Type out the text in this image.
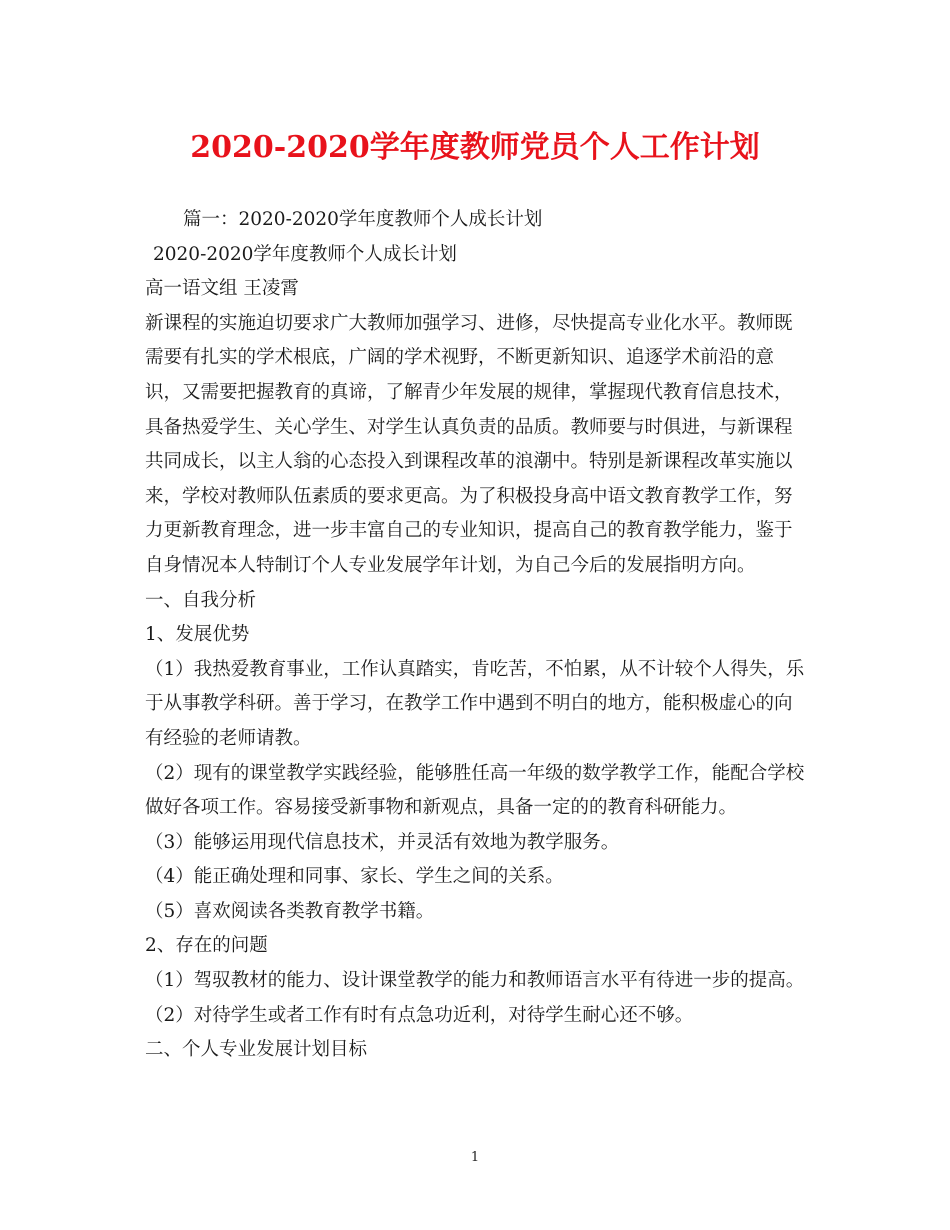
2020-2020学年度教师党员个人工作计划
篇一：2020-2020学年度教师个人成长计划
2020-2020学年度教师个人成长计划
高一语文组 王凌霄
新课程的实施迫切要求广大教师加强学习、进修，尽快提高专业化水平。教师既
需要有扎实的学术根底，广阔的学术视野，不断更新知识、追逐学术前沿的意
识，又需要把握教育的真谛，了解青少年发展的规律，掌握现代教育信息技术，
具备热爱学生、关心学生、对学生认真负责的品质。教师要与时俱进，与新课程
共同成长，以主人翁的心态投入到课程改革的浪潮中。特别是新课程改革实施以
来，学校对教师队伍素质的要求更高。为了积极投身高中语文教育教学工作，努
力更新教育理念，进一步丰富自己的专业知识，提高自己的教育教学能力，鉴于
自身情况本人特制订个人专业发展学年计划，为自己今后的发展指明方向。
一、自我分析
1、发展优势
（1）我热爱教育事业，工作认真踏实，肯吃苦，不怕累，从不计较个人得失，乐
于从事教学科研。善于学习，在教学工作中遇到不明白的地方，能积极虚心的向
有经验的老师请教。
（2）现有的课堂教学实践经验，能够胜任高一年级的数学教学工作，能配合学校
做好各项工作。容易接受新事物和新观点，具备一定的的教育科研能力。
（3）能够运用现代信息技术，并灵活有效地为教学服务。
（4）能正确处理和同事、家长、学生之间的关系。
（5）喜欢阅读各类教育教学书籍。
2、存在的问题
（1）驾驭教材的能力、设计课堂教学的能力和教师语言水平有待进一步的提高。
（2）对待学生或者工作有时有点急功近利，对待学生耐心还不够。
二、个人专业发展计划目标
1
